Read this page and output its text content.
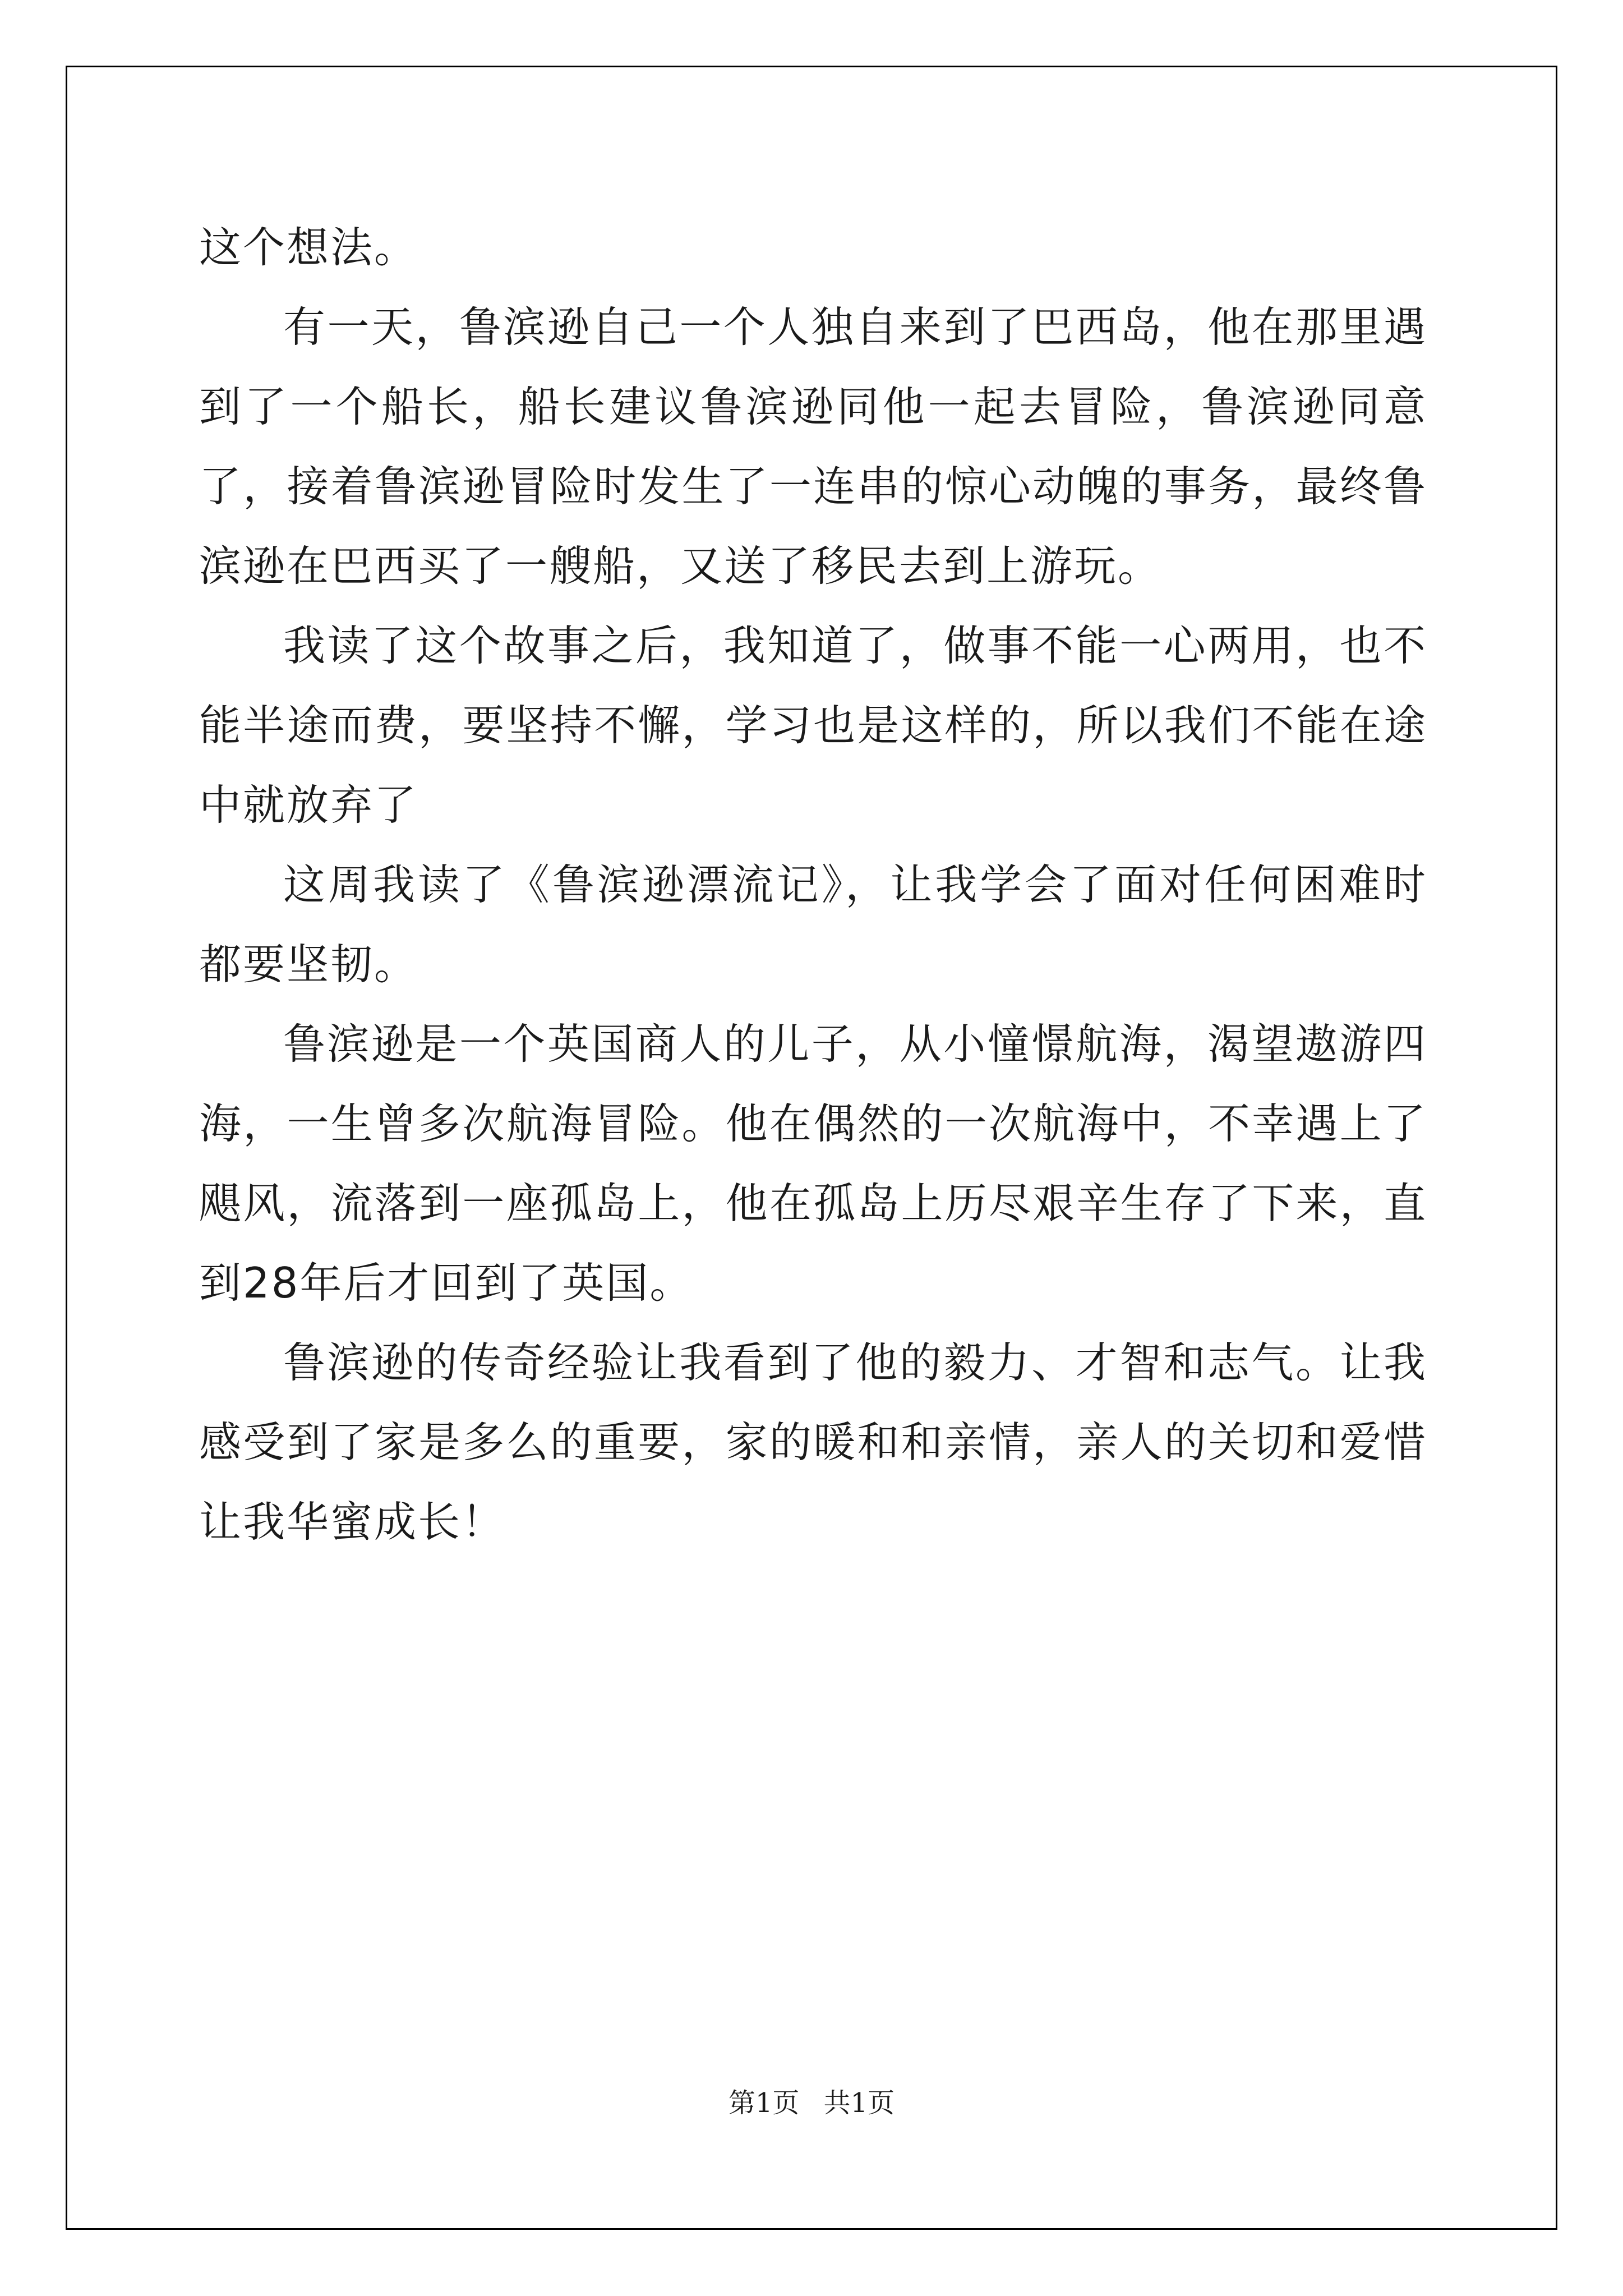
这个想法。

有一天，鲁滨逊自己一个人独自来到了巴西岛，他在那里遇到了一个船长，船长建议鲁滨逊同他一起去冒险，鲁滨逊同意了，接着鲁滨逊冒险时发生了一连串的惊心动魄的事务，最终鲁滨逊在巴西买了一艘船，又送了移民去到上游玩。

我读了这个故事之后，我知道了，做事不能一心两用，也不能半途而费，要坚持不懈，学习也是这样的，所以我们不能在途中就放弃了

这周我读了《鲁滨逊漂流记》，让我学会了面对任何困难时都要坚韧。

鲁滨逊是一个英国商人的儿子，从小憧憬航海，渴望遨游四海，一生曾多次航海冒险。他在偶然的一次航海中，不幸遇上了飓风，流落到一座孤岛上，他在孤岛上历尽艰辛生存了下来，直到28年后才回到了英国。

鲁滨逊的传奇经验让我看到了他的毅力、才智和志气。让我感受到了家是多么的重要，家的暖和和亲情，亲人的关切和爱惜让我华蜜成长！

第1页 共1页
